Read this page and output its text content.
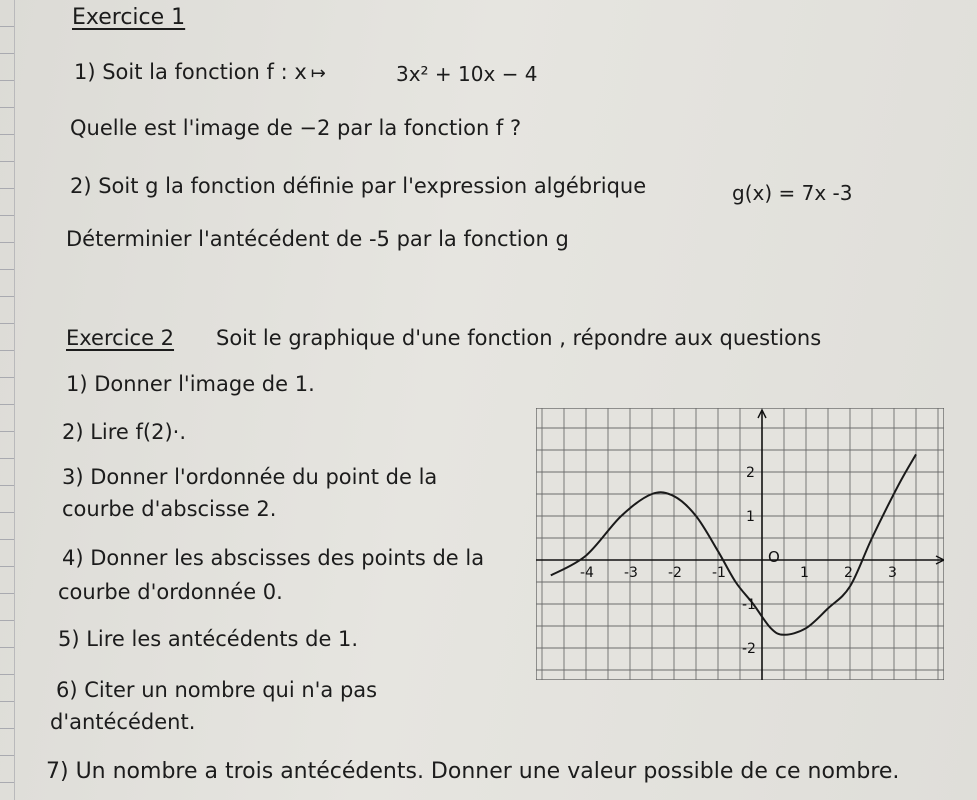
Exercice 1
1) Soit la fonction f : x ↦	3x² + 10x − 4
Quelle est l'image de −2 par la fonction f ?
2) Soit g la fonction définie par l'expression algébrique	g(x) = 7x -3
Déterminier l'antécédent de -5 par la fonction g
Exercice 2 Soit le graphique d'une fonction , répondre aux questions
1) Donner l'image de 1.
2) Lire f(2)·.
3) Donner l'ordonnée du point de la
courbe d'abscisse 2.
4) Donner les abscisses des points de la
courbe d'ordonnée 0.
5) Lire les antécédents de 1.
6) Citer un nombre qui n'a pas
d'antécédent.
7) Un nombre a trois antécédents. Donner une valeur possible de ce nombre.
-4 -3 -2 -1	1	2	3
2
1
-1
-2
O
